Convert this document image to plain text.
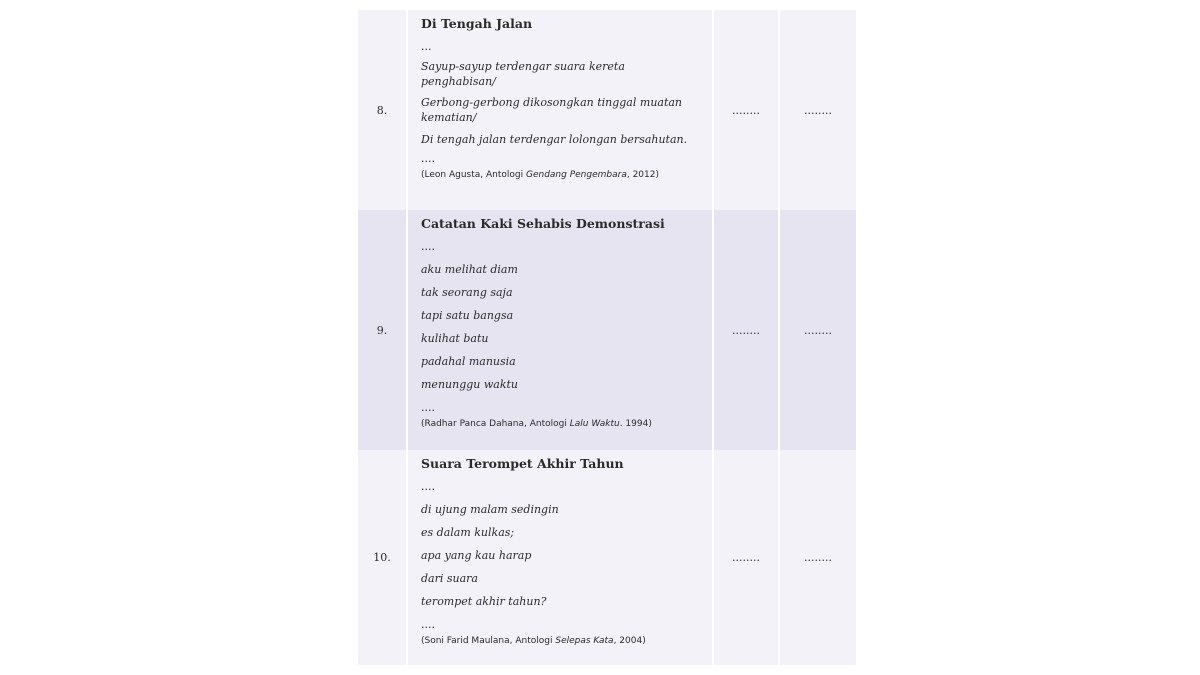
8.
Di Tengah Jalan
...
Sayup-sayup terdengar suara kereta penghabisan/
Gerbong-gerbong dikosongkan tinggal muatan kematian/
Di tengah jalan terdengar lolongan bersahutan.
....
(Leon Agusta, Antologi Gendang Pengembara, 2012)
........	........
9.
Catatan Kaki Sehabis Demonstrasi
....
aku melihat diam
tak seorang saja
tapi satu bangsa
kulihat batu
padahal manusia
menunggu waktu
....
(Radhar Panca Dahana, Antologi Lalu Waktu. 1994)
........	........
10.
Suara Terompet Akhir Tahun
....
di ujung malam sedingin
es dalam kulkas;
apa yang kau harap
dari suara
terompet akhir tahun?
....
(Soni Farid Maulana, Antologi Selepas Kata, 2004)
........	........
